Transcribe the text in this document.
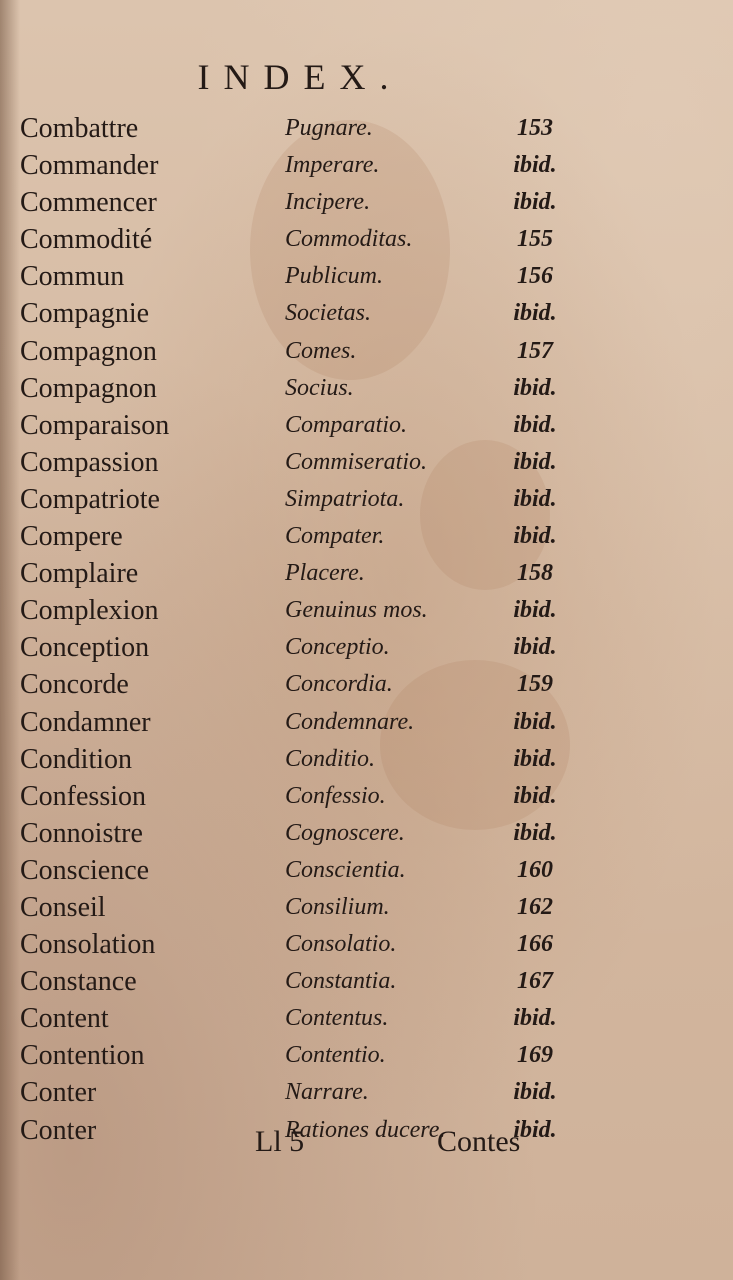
INDEX.
Combattre	Pugnare.	153
Commander	Imperare.	ibid.
Commencer	Incipere.	ibid.
Commodité	Commoditas.	155
Commun	Publicum.	156
Compagnie	Societas.	ibid.
Compagnon	Comes.	157
Compagnon	Socius.	ibid.
Comparaison	Comparatio.	ibid.
Compassion	Commiseratio.	ibid.
Compatriote	Simpatriota.	ibid.
Compere	Compater.	ibid.
Complaire	Placere.	158
Complexion	Genuinus mos.	ibid.
Conception	Conceptio.	ibid.
Concorde	Concordia.	159
Condamner	Condemnare.	ibid.
Condition	Conditio.	ibid.
Confession	Confessio.	ibid.
Connoistre	Cognoscere.	ibid.
Conscience	Conscientia.	160
Conseil	Consilium.	162
Consolation	Consolatio.	166
Constance	Constantia.	167
Content	Contentus.	ibid.
Contention	Contentio.	169
Conter	Narrare.	ibid.
Conter	Rationes ducere.	ibid.
Ll 5	Contes
